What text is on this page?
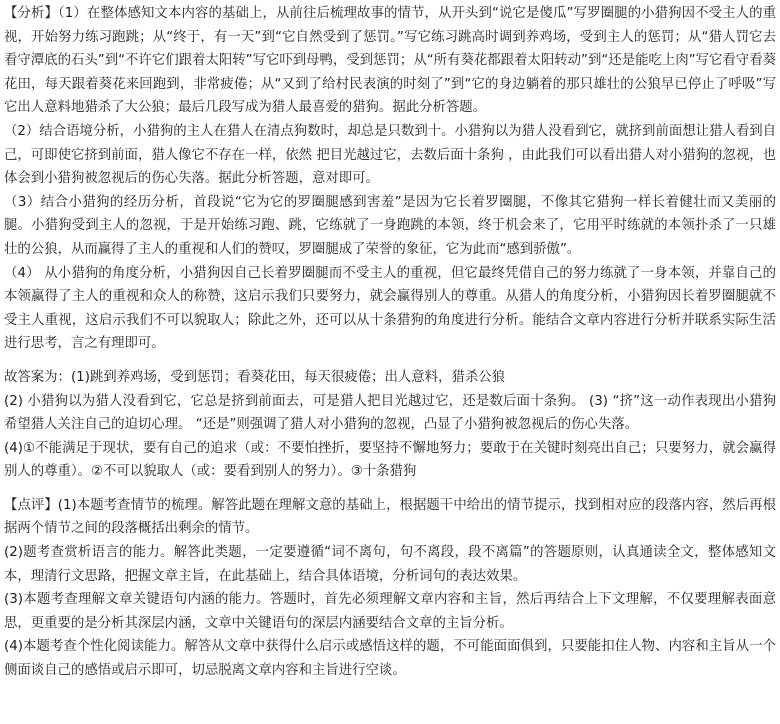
【分析】（1）在整体感知文本内容的基础上，从前往后梳理故事的情节，从开头到“说它是傻瓜”写罗圈腿的小猎狗因不受主人的重视，开始努力练习跑跳；从“终于，有一天”到“它自然受到了惩罚。”写它练习跳高时调到养鸡场，受到主人的惩罚；从“猎人罚它去看守潭底的石头”到“不许它们跟着太阳转”写它吓到母鸭，受到惩罚；从“所有葵花都跟着太阳转动”到“还是能吃上肉”写它看守看葵花田，每天跟着葵花来回跑到，非常疲倦；从“又到了给村民表演的时刻了”到“它的身边躺着的那只雄壮的公狼早已停止了呼吸”写它出人意料地猎杀了大公狼；最后几段写成为猎人最喜爱的猎狗。据此分析答题。

（2）结合语境分析，小猎狗的主人在猎人在清点狗数时，却总是只数到十。小猎狗以为猎人没看到它，就挤到前面想让猎人看到自己，可即使它挤到前面，猎人像它不存在一样，依然 把目光越过它，去数后面十条狗 ，由此我们可以看出猎人对小猎狗的忽视，也体会到小猎狗被忽视后的伤心失落。据此分析答题，意对即可。

（3）结合小猎狗的经历分析，首段说“它为它的罗圈腿感到害羞”是因为它长着罗圈腿，不像其它猎狗一样长着健壮而又美丽的腿。小猎狗受到主人的忽视，于是开始练习跑、跳，它练就了一身跑跳的本领，终于机会来了，它用平时练就的本领扑杀了一只雄壮的公狼，从而赢得了主人的重视和人们的赞叹，罗圈腿成了荣誉的象征，它为此而“感到骄傲”。

（4） 从小猎狗的角度分析，小猎狗因自己长着罗圈腿而不受主人的重视，但它最终凭借自己的努力练就了一身本领，并靠自己的本领赢得了主人的重视和众人的称赞，这启示我们只要努力，就会赢得别人的尊重。从猎人的角度分析，小猎狗因长着罗圈腿就不受主人重视，这启示我们不可以貌取人；除此之外，还可以从十条猎狗的角度进行分析。能结合文章内容进行分析并联系实际生活进行思考，言之有理即可。

故答案为：(1)跳到养鸡场，受到惩罚；看葵花田，每天很疲倦；出人意料，猎杀公狼

(2) 小猎狗以为猎人没看到它，它总是挤到前面去，可是猎人把目光越过它，还是数后面十条狗。 (3) “挤”这一动作表现出小猎狗希望猎人关注自己的迫切心理。 “还是”则强调了猎人对小猎狗的忽视，凸显了小猎狗被忽视后的伤心失落。

(4)①不能满足于现状，要有自己的追求（或：不要怕挫折，要坚持不懈地努力；要敢于在关键时刻亮出自己；只要努力，就会赢得别人的尊重）。②不可以貌取人（或：要看到别人的努力）。③十条猎狗

【点评】(1)本题考查情节的梳理。解答此题在理解文意的基础上，根据题干中给出的情节提示，找到相对应的段落内容，然后再根据两个情节之间的段落概括出剩余的情节。

(2)题考查赏析语言的能力。解答此类题，一定要遵循“词不离句，句不离段，段不离篇”的答题原则，认真通读全文，整体感知文本，理清行文思路，把握文章主旨，在此基础上，结合具体语境，分析词句的表达效果。

(3)本题考查理解文章关键语句内涵的能力。答题时，首先必须理解文章内容和主旨，然后再结合上下文理解，不仅要理解表面意思，更重要的是分析其深层内涵，文章中关键语句的深层内涵要结合文章的主旨分析。

(4)本题考查个性化阅读能力。解答从文章中获得什么启示或感悟这样的题，不可能面面俱到，只要能扣住人物、内容和主旨从一个侧面谈自己的感悟或启示即可，切忌脱离文章内容和主旨进行空谈。
